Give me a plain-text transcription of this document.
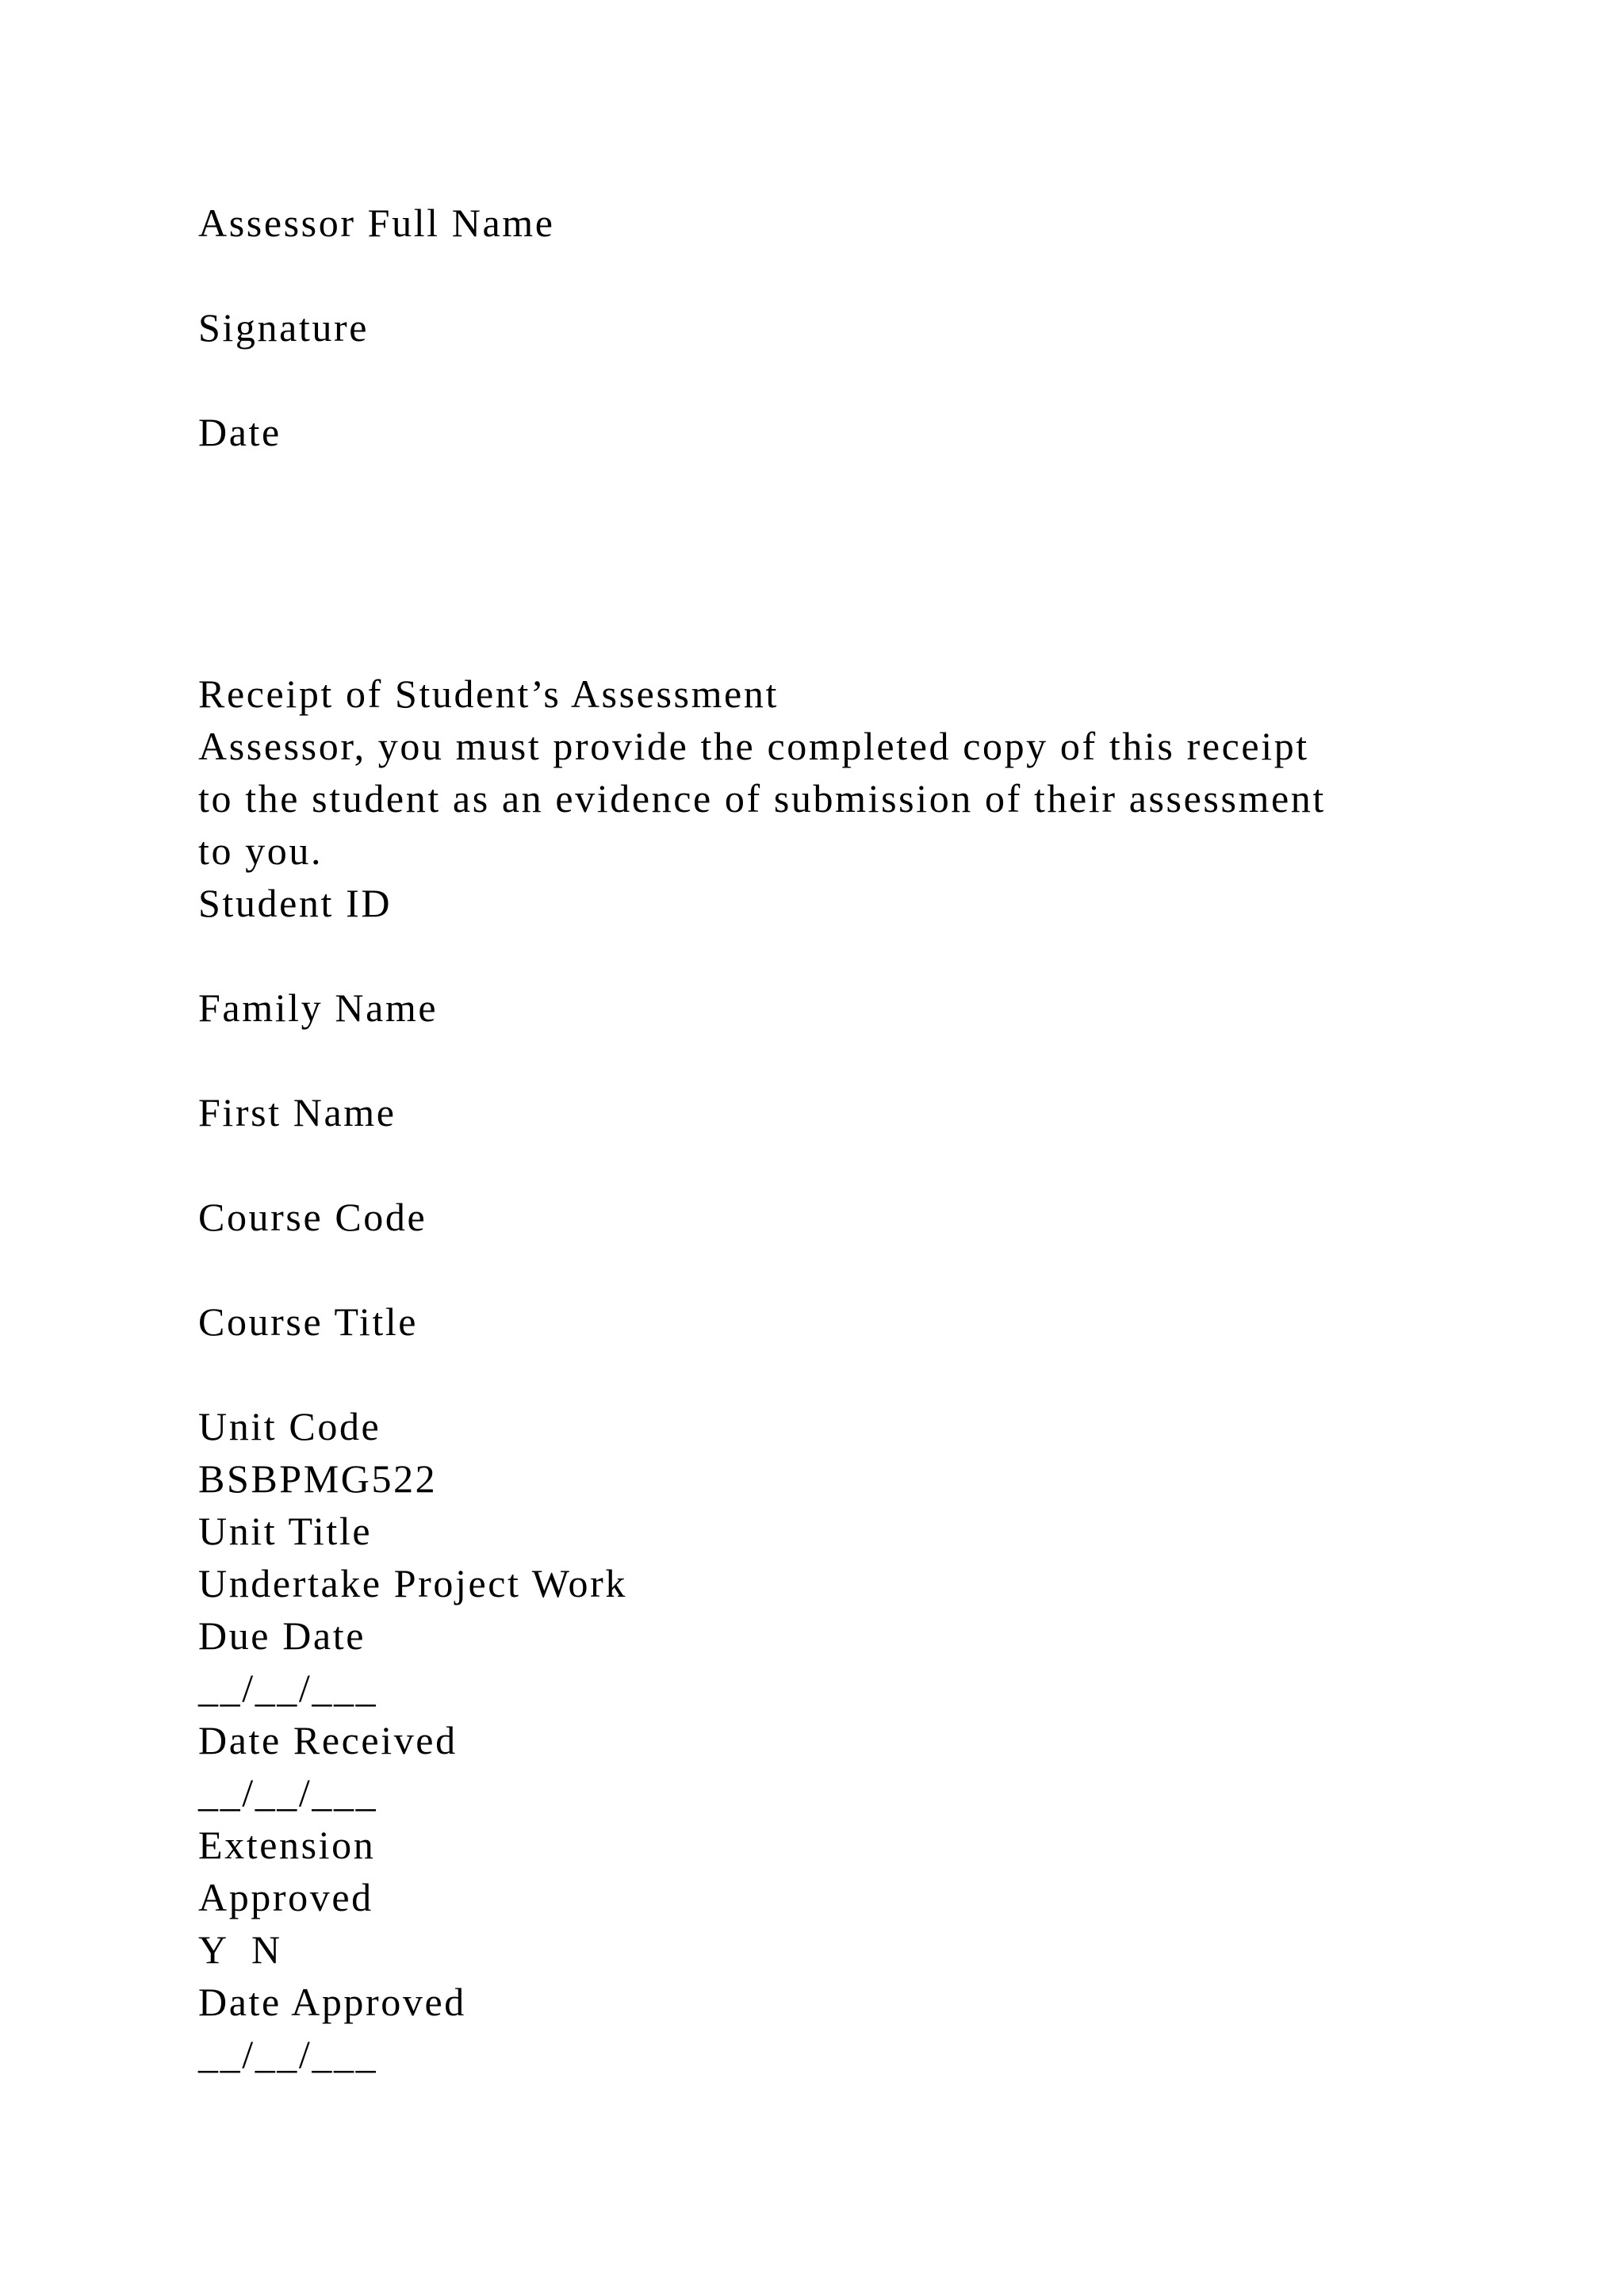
Assessor Full Name
Signature
Date
Receipt of Student’s Assessment
Assessor, you must provide the completed copy of this receipt
to the student as an evidence of submission of their assessment
to you.
Student ID
Family Name
First Name
Course Code
Course Title
Unit Code
BSBPMG522
Unit Title
Undertake Project Work
Due Date
__/__/___
Date Received
__/__/___
Extension
Approved
Y  N
Date Approved
__/__/___
